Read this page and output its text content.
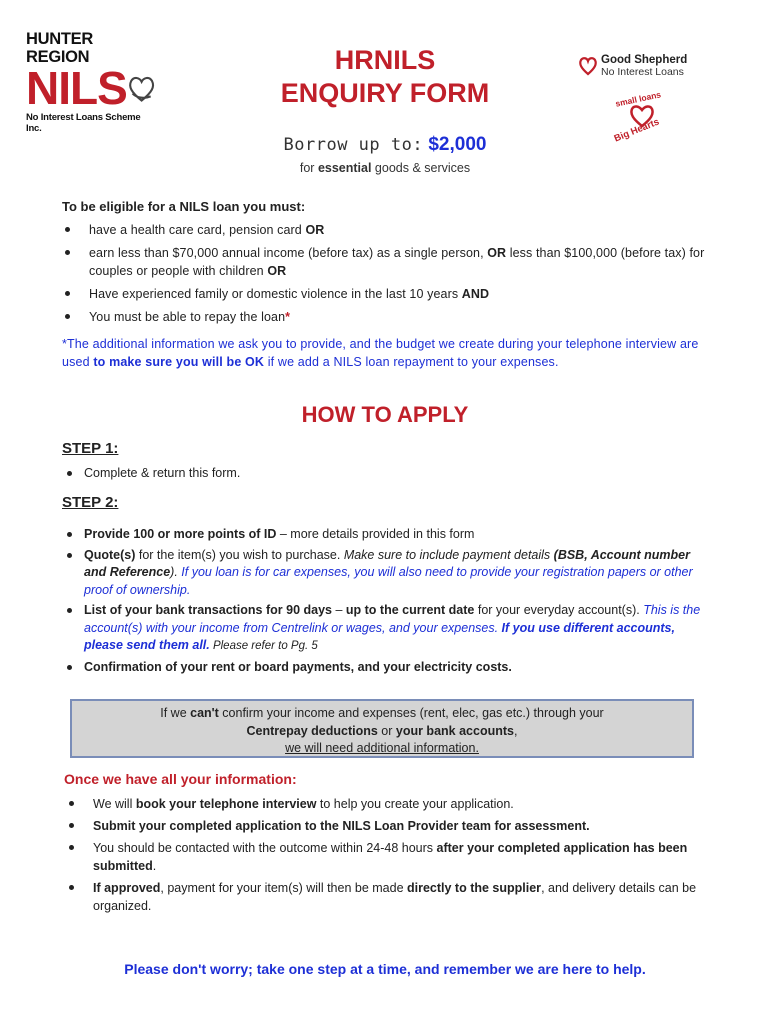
HUNTER REGION
NILS
No Interest Loans Scheme Inc.
HRNILS
ENQUIRY FORM
Borrow up to: $2,000
for essential goods & services
Good Shepherd
No Interest Loans
small loans
Big Hearts
To be eligible for a NILS loan you must:
have a health care card, pension card OR
earn less than $70,000 annual income (before tax) as a single person, OR less than $100,000 (before tax) for couples or people with children OR
Have experienced family or domestic violence in the last 10 years AND
You must be able to repay the loan*
*The additional information we ask you to provide, and the budget we create during your telephone interview are used to make sure you will be OK if we add a NILS loan repayment to your expenses.
HOW TO APPLY
STEP 1:
Complete & return this form.
STEP 2:
Provide 100 or more points of ID – more details provided in this form
Quote(s) for the item(s) you wish to purchase. Make sure to include payment details (BSB, Account number and Reference). If you loan is for car expenses, you will also need to provide your registration papers or other proof of ownership.
List of your bank transactions for 90 days – up to the current date for your everyday account(s). This is the account(s) with your income from Centrelink or wages, and your expenses. If you use different accounts, please send them all. Please refer to Pg. 5
Confirmation of your rent or board payments, and your electricity costs.
If we can't confirm your income and expenses (rent, elec, gas etc.) through your Centrepay deductions or your bank accounts,
we will need additional information.
Once we have all your information:
We will book your telephone interview to help you create your application.
Submit your completed application to the NILS Loan Provider team for assessment.
You should be contacted with the outcome within 24-48 hours after your completed application has been submitted.
If approved, payment for your item(s) will then be made directly to the supplier, and delivery details can be organized.
Please don't worry; take one step at a time, and remember we are here to help.
